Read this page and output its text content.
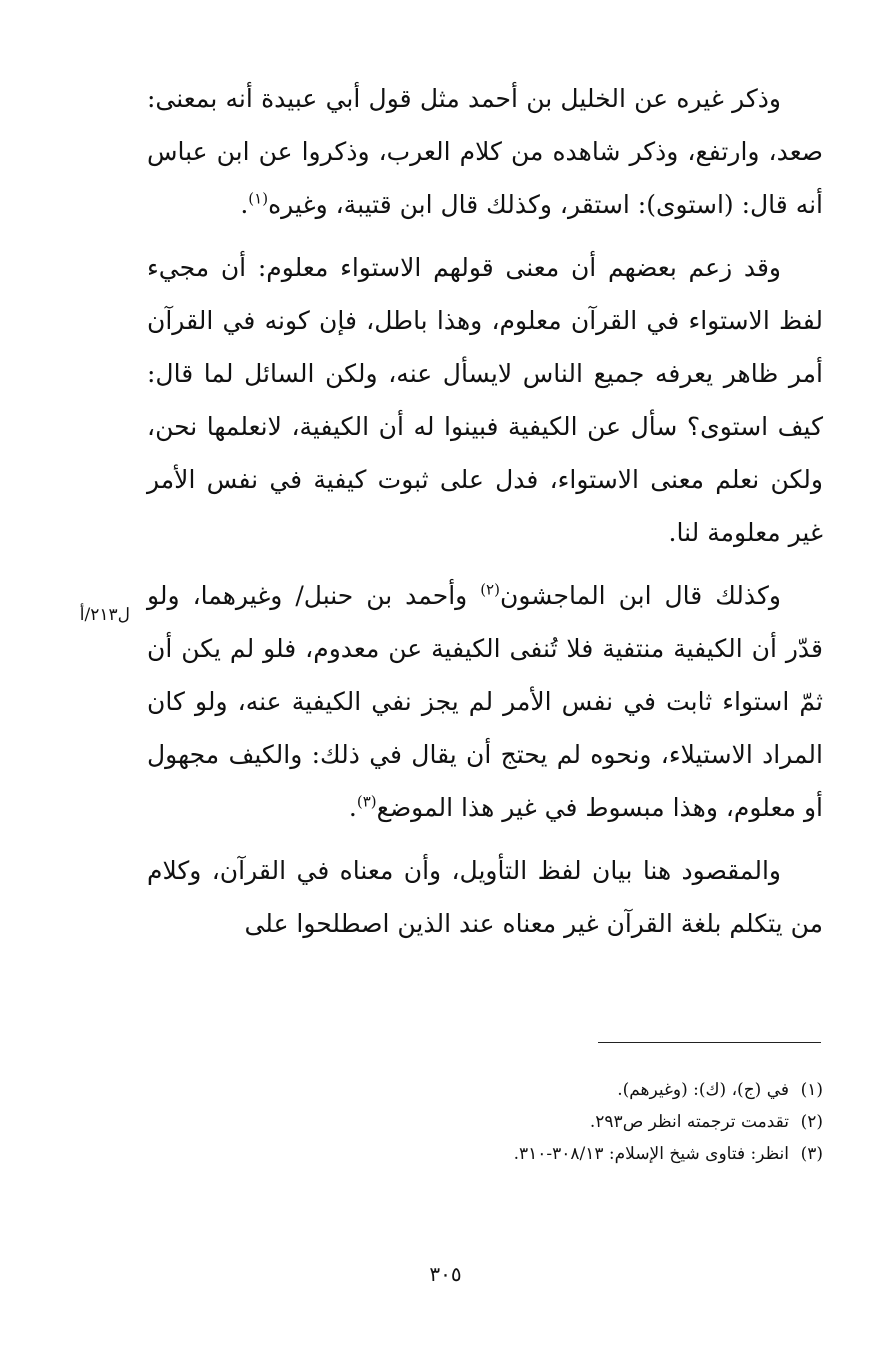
ل۲۱۳/أ

وذكر غيره عن الخليل بن أحمد مثل قول أبي عبيدة أنه بمعنى: صعد، وارتفع، وذكر شاهده من كلام العرب، وذكروا عن ابن عباس أنه قال: (استوى): استقر، وكذلك قال ابن قتيبة، وغيره$^{(١)}$.

وقد زعم بعضهم أن معنى قولهم الاستواء معلوم: أن مجيء لفظ الاستواء في القرآن معلوم، وهذا باطل، فإن كونه في القرآن أمر ظاهر يعرفه جميع الناس لايسأل عنه، ولكن السائل لما قال: كيف استوى؟ سأل عن الكيفية فبينوا له أن الكيفية، لانعلمها نحن، ولكن نعلم معنى الاستواء، فدل على ثبوت كيفية في نفس الأمر غير معلومة لنا.

وكذلك قال ابن الماجشون$^{(٢)}$ وأحمد بن حنبل/ وغيرهما، ولو قدّر أن الكيفية منتفية فلا تُنفى الكيفية عن معدوم، فلو لم يكن أن ثمّ استواء ثابت في نفس الأمر لم يجز نفي الكيفية عنه، ولو كان المراد الاستيلاء، ونحوه لم يحتج أن يقال في ذلك: والكيف مجهول أو معلوم، وهذا مبسوط في غير هذا الموضع$^{(٣)}$.

والمقصود هنا بيان لفظ التأويل، وأن معناه في القرآن، وكلام من يتكلم بلغة القرآن غير معناه عند الذين اصطلحوا على

(١)في (ج)، (ك): (وغيرهم).
(٢)تقدمت ترجمته انظر ص٢٩٣.
(٣)انظر: فتاوى شيخ الإسلام: ٣٠٨/١٣-٣١٠.
٣٠٥
